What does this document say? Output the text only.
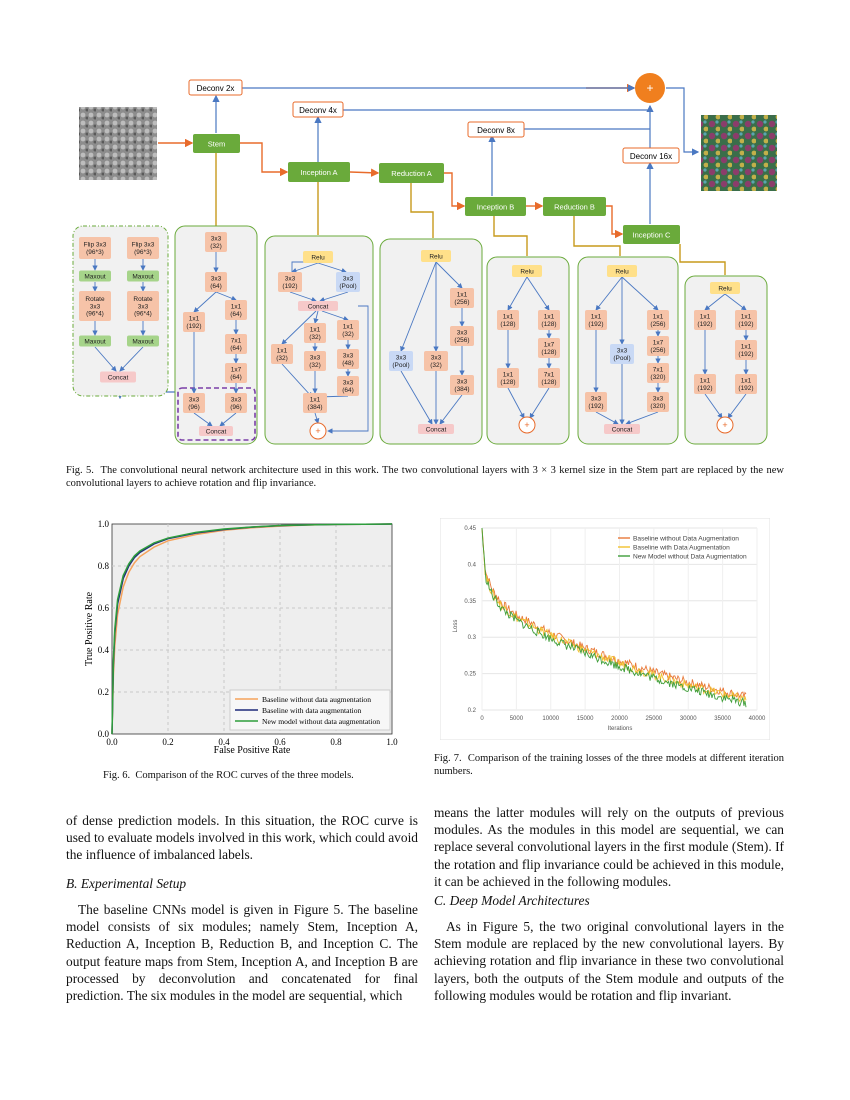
Deconv 2x
Deconv 4x
Deconv 8x
Deconv 16x
+
Stem
Inception A	Reduction A
Inception B	Reduction B
Inception C
Flip 3x3
(96*3)
Flip 3x3
(96*3)
Maxout	Maxout
Rotate
3x3
(96*4)
Rotate
3x3
(96*4)
Maxout	Maxout
Concat
3x3
(32)
3x3
(64)
1x1
(192)
1x1
(64)
7x1
(64)
1x7
(64)
3x3
(96)
3x3
(96)
Concat
Relu
3x3
(192)
3x3
(Pool)
Concat
1x1
(32)
1x1
(32)
1x1
(32)
3x3
(32)
3x3
(48)
3x3
(64)
1x1
(384)
Relu
1x1
(256)
3x3
(256)
3x3
(Pool)
3x3
(32)
3x3
(384)
Concat
Relu
1x1
(128)
1x1
(128)
1x7
(128)
1x1
(128)
7x1
(128)
Relu
1x1
(192)
1x1
(256)
1x7
(256)
3x3
(Pool)
7x1
(320)
3x3
(192)
3x3
(320)
Concat
Relu
1x1
(192)
1x1
(192)
1x1
(192)
1x1
(192)
1x1
(192)
+
+	+
Fig. 5. The convolutional neural network architecture used in this work. The two convolutional layers with 3 × 3 kernel size in the Stem part are replaced by the new convolutional layers to achieve rotation and flip invariance.
0.0	0.2	0.4	0.6	0.8	1.0
0.0
0.2
0.4
0.6
0.8
1.0
False Positive Rate
True Positive Rate
Baseline without data augmentation
Baseline with data augmentation
New model without data augmentation
Fig. 6. Comparison of the ROC curves of the three models.
0.2
0.25
0.3
0.35
0.4
0.45
0	5000	10000	15000	20000	25000	30000	35000	40000
Iterations
Loss
Baseline without Data Augmentation
Baseline with Data Augmentation
New Model without Data Augmentation
Fig. 7. Comparison of the training losses of the three models at different iteration numbers.
of dense prediction models. In this situation, the ROC curve is used to evaluate models involved in this work, which could avoid the influence of imbalanced labels.
B. Experimental Setup
The baseline CNNs model is given in Figure 5. The baseline model consists of six modules; namely Stem, Inception A, Reduction A, Inception B, Reduction B, and Inception C. The output feature maps from Stem, Inception A, and Inception B are processed by deconvolution and concatenated for final prediction. The six modules in the model are sequential, which
means the latter modules will rely on the outputs of previous modules. As the modules in this model are sequential, we can replace several convolutional layers in the first module (Stem). If the rotation and flip invariance could be achieved in this module, it can be achieved in the following modules.
C. Deep Model Architectures
As in Figure 5, the two original convolutional layers in the Stem module are replaced by the new convolutional layers. By achieving rotation and flip invariance in these two convolutional layers, both the outputs of the Stem module and outputs of the following modules would be rotation and flip invariant.
